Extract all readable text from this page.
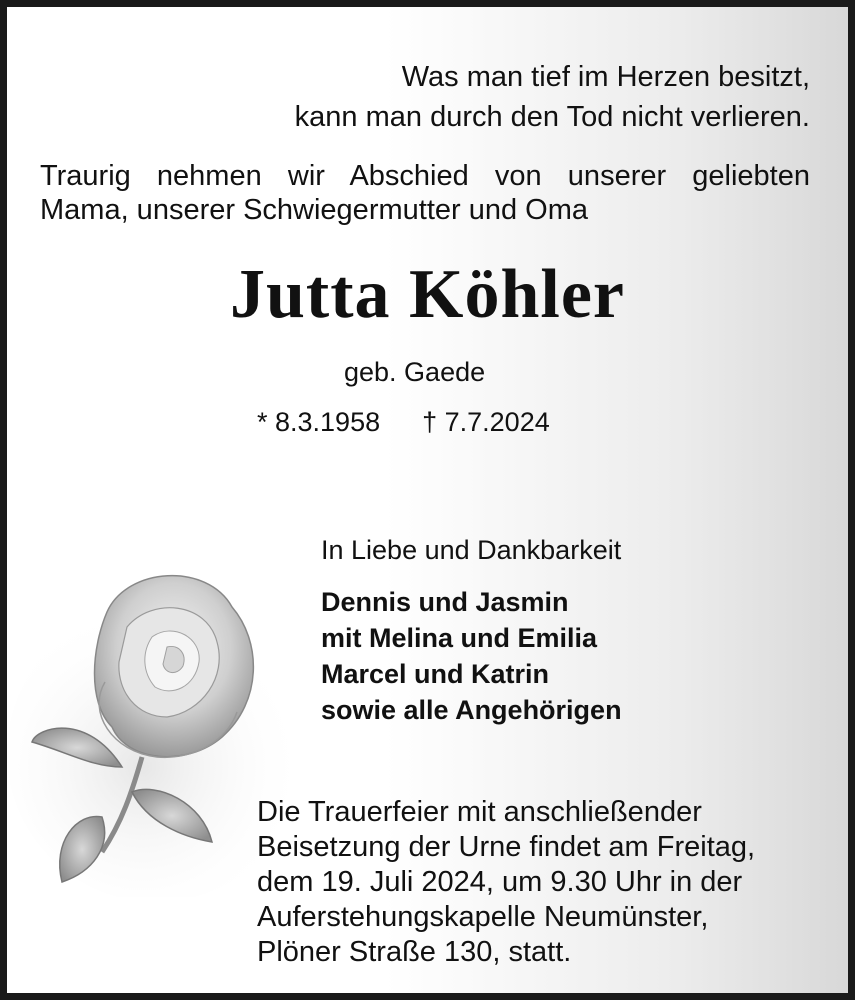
Was man tief im Herzen besitzt,
kann man durch den Tod nicht verlieren.
Traurig nehmen wir Abschied von unserer geliebten
Mama, unserer Schwiegermutter und Oma
Jutta Köhler
geb. Gaede
* 8.3.1958 † 7.7.2024
In Liebe und Dankbarkeit
Dennis und Jasmin
mit Melina und Emilia
Marcel und Katrin
sowie alle Angehörigen
Die Trauerfeier mit anschließender
Beisetzung der Urne findet am Freitag,
dem 19. Juli 2024, um 9.30 Uhr in der
Auferstehungskapelle Neumünster,
Plöner Straße 130, statt.
